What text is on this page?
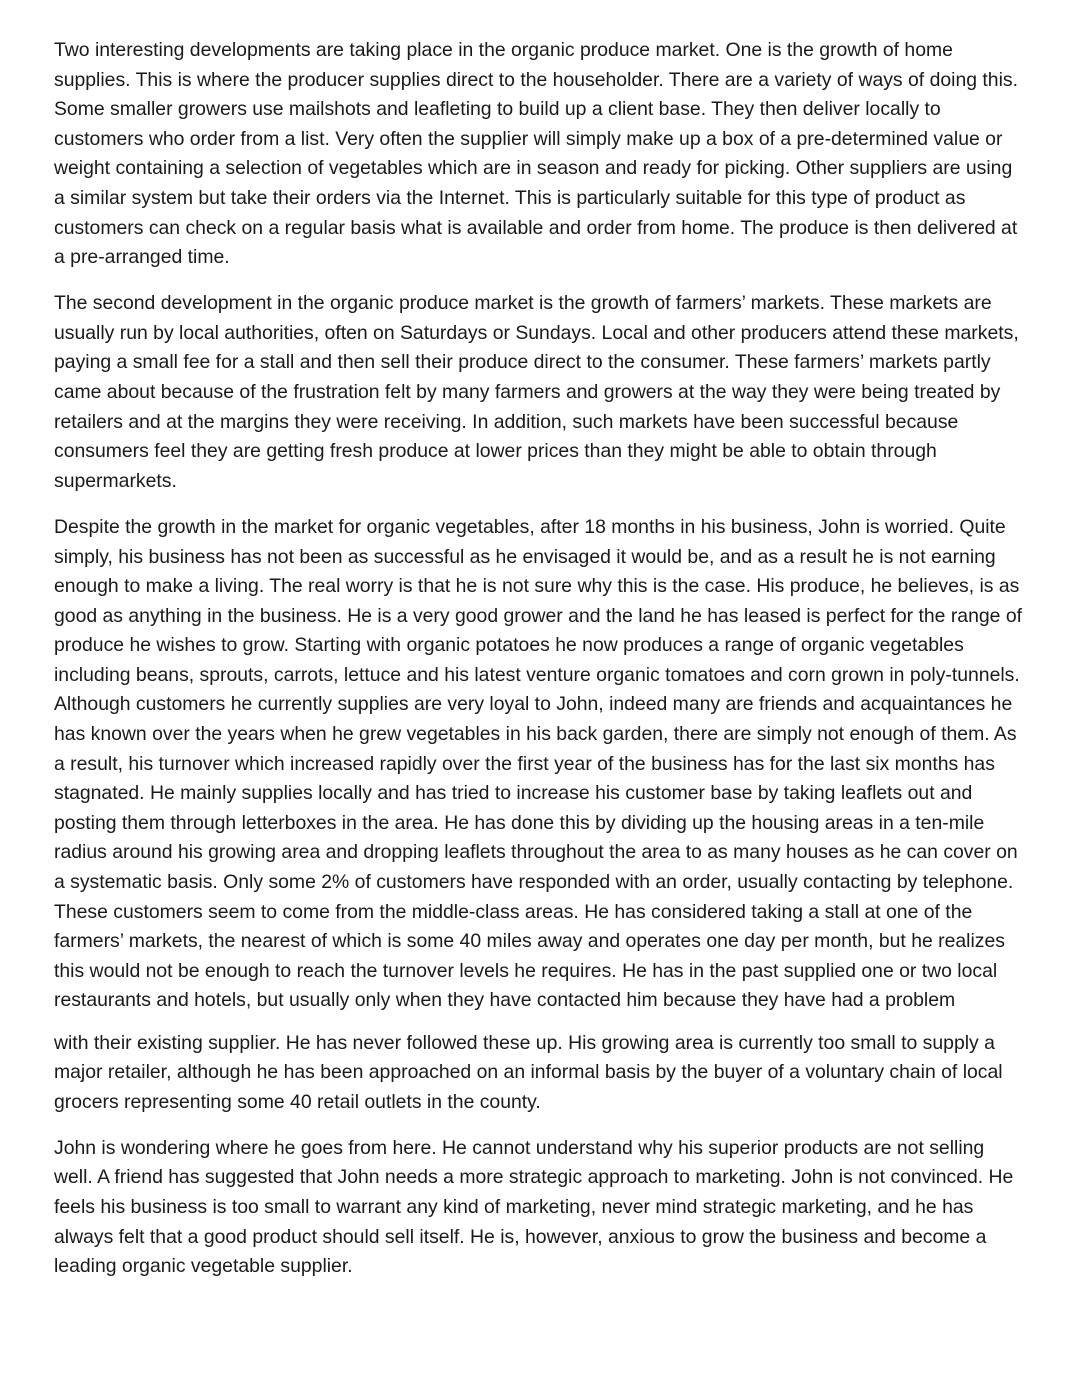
Two interesting developments are taking place in the organic produce market. One is the growth of home supplies. This is where the producer supplies direct to the householder. There are a variety of ways of doing this. Some smaller growers use mailshots and leafleting to build up a client base. They then deliver locally to customers who order from a list. Very often the supplier will simply make up a box of a pre-determined value or weight containing a selection of vegetables which are in season and ready for picking. Other suppliers are using a similar system but take their orders via the Internet. This is particularly suitable for this type of product as customers can check on a regular basis what is available and order from home. The produce is then delivered at a pre-arranged time.

The second development in the organic produce market is the growth of farmers’ markets. These markets are usually run by local authorities, often on Saturdays or Sundays. Local and other producers attend these markets, paying a small fee for a stall and then sell their produce direct to the consumer. These farmers’ markets partly came about because of the frustration felt by many farmers and growers at the way they were being treated by retailers and at the margins they were receiving. In addition, such markets have been successful because consumers feel they are getting fresh produce at lower prices than they might be able to obtain through supermarkets.

Despite the growth in the market for organic vegetables, after 18 months in his business, John is worried. Quite simply, his business has not been as successful as he envisaged it would be, and as a result he is not earning enough to make a living. The real worry is that he is not sure why this is the case. His produce, he believes, is as good as anything in the business. He is a very good grower and the land he has leased is perfect for the range of produce he wishes to grow. Starting with organic potatoes he now produces a range of organic vegetables including beans, sprouts, carrots, lettuce and his latest venture organic tomatoes and corn grown in poly-tunnels. Although customers he currently supplies are very loyal to John, indeed many are friends and acquaintances he has known over the years when he grew vegetables in his back garden, there are simply not enough of them. As a result, his turnover which increased rapidly over the first year of the business has for the last six months has stagnated. He mainly supplies locally and has tried to increase his customer base by taking leaflets out and posting them through letterboxes in the area. He has done this by dividing up the housing areas in a ten-mile radius around his growing area and dropping leaflets throughout the area to as many houses as he can cover on a systematic basis. Only some 2% of customers have responded with an order, usually contacting by telephone. These customers seem to come from the middle-class areas. He has considered taking a stall at one of the farmers’ markets, the nearest of which is some 40 miles away and operates one day per month, but he realizes this would not be enough to reach the turnover levels he requires. He has in the past supplied one or two local restaurants and hotels, but usually only when they have contacted him because they have had a problem

with their existing supplier. He has never followed these up. His growing area is currently too small to supply a major retailer, although he has been approached on an informal basis by the buyer of a voluntary chain of local grocers representing some 40 retail outlets in the county.

John is wondering where he goes from here. He cannot understand why his superior products are not selling well. A friend has suggested that John needs a more strategic approach to marketing. John is not convinced. He feels his business is too small to warrant any kind of marketing, never mind strategic marketing, and he has always felt that a good product should sell itself. He is, however, anxious to grow the business and become a leading organic vegetable supplier.
